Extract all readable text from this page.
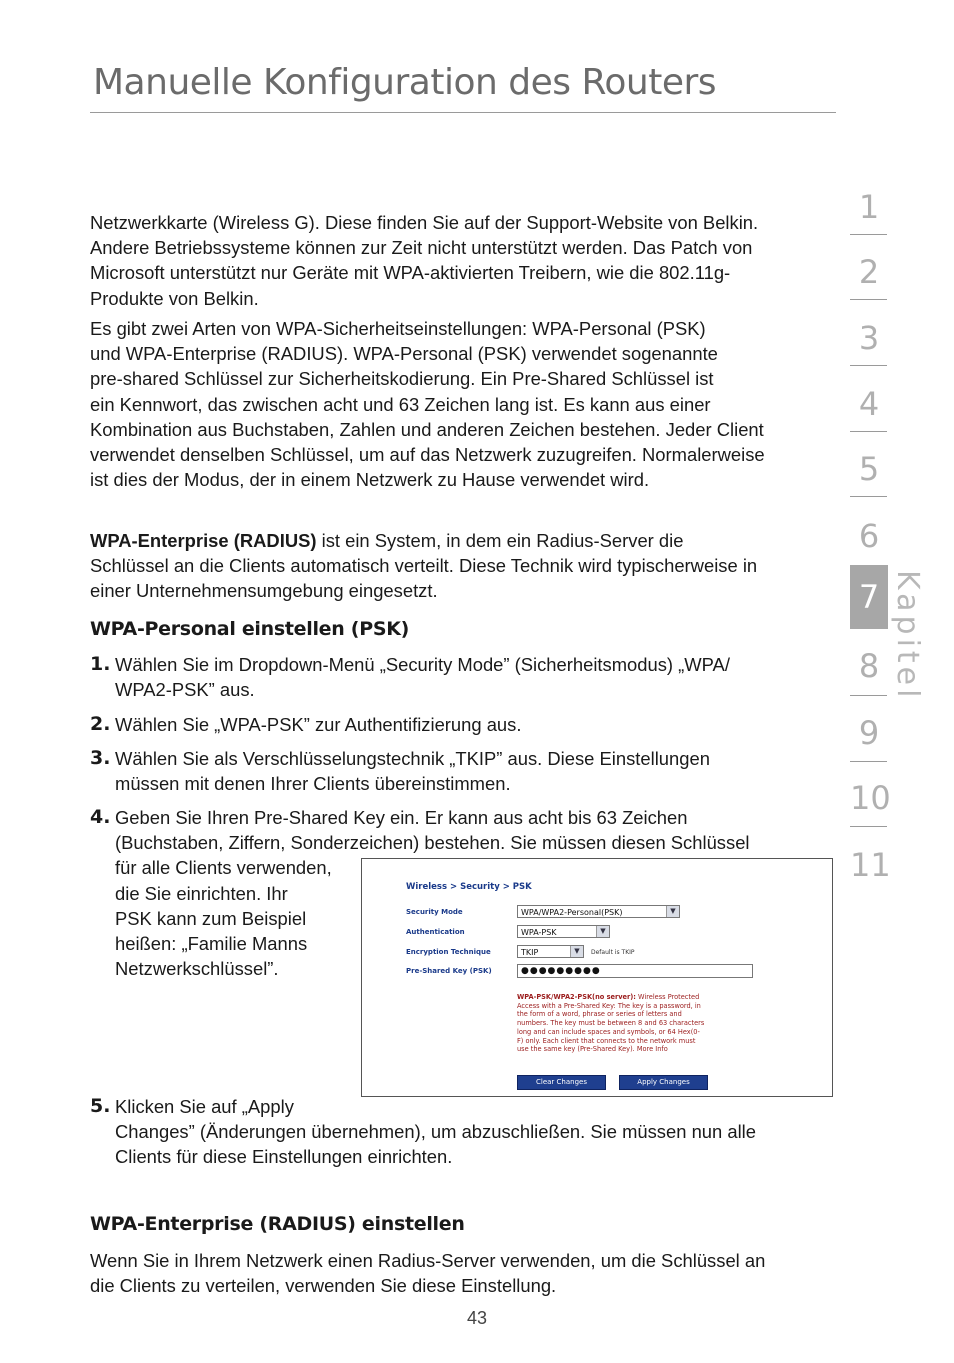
Manuelle Konfiguration des Routers
Netzwerkkarte (Wireless G). Diese finden Sie auf der Support-Website von Belkin.
Andere Betriebssysteme können zur Zeit nicht unterstützt werden. Das Patch von
Microsoft unterstützt nur Geräte mit WPA-aktivierten Treibern, wie die 802.11g-
Produkte von Belkin.
Es gibt zwei Arten von WPA-Sicherheitseinstellungen: WPA-Personal (PSK)
und WPA-Enterprise (RADIUS). WPA-Personal (PSK) verwendet sogenannte
pre-shared Schlüssel zur Sicherheitskodierung. Ein Pre-Shared Schlüssel ist
ein Kennwort, das zwischen acht und 63 Zeichen lang ist. Es kann aus einer
Kombination aus Buchstaben, Zahlen und anderen Zeichen bestehen. Jeder Client
verwendet denselben Schlüssel, um auf das Netzwerk zuzugreifen. Normalerweise
ist dies der Modus, der in einem Netzwerk zu Hause verwendet wird.
WPA-Enterprise (RADIUS) ist ein System, in dem ein Radius-Server die
Schlüssel an die Clients automatisch verteilt. Diese Technik wird typischerweise in
einer Unternehmensumgebung eingesetzt.
WPA-Personal einstellen (PSK)
1. Wählen Sie im Dropdown-Menü „Security Mode” (Sicherheitsmodus) „WPA/
WPA2-PSK” aus.
2. Wählen Sie „WPA-PSK” zur Authentifizierung aus.
3. Wählen Sie als Verschlüsselungstechnik „TKIP” aus. Diese Einstellungen
müssen mit denen Ihrer Clients übereinstimmen.
4. Geben Sie Ihren Pre-Shared Key ein. Er kann aus acht bis 63 Zeichen
(Buchstaben, Ziffern, Sonderzeichen) bestehen. Sie müssen diesen Schlüssel
für alle Clients verwenden,
die Sie einrichten. Ihr
PSK kann zum Beispiel
heißen: „Familie Manns
Netzwerkschlüssel”.
Wireless > Security > PSK
Security Mode	WPA/WPA2-Personal(PSK)	▼
Authentication	WPA-PSK	▼
Encryption Technique	TKIP	▼	Default is TKIP
Pre-Shared Key (PSK)	●●●●●●●●●
WPA-PSK/WPA2-PSK(no server): Wireless Protected
Access with a Pre-Shared Key: The key is a password, in
the form of a word, phrase or series of letters and
numbers. The key must be between 8 and 63 characters
long and can include spaces and symbols, or 64 Hex(0-
F) only. Each client that connects to the network must
use the same key (Pre-Shared Key). More Info
Clear Changes	Apply Changes
5. Klicken Sie auf „Apply
Changes” (Änderungen übernehmen), um abzuschließen. Sie müssen nun alle
Clients für diese Einstellungen einrichten.
WPA-Enterprise (RADIUS) einstellen
Wenn Sie in Ihrem Netzwerk einen Radius-Server verwenden, um die Schlüssel an
die Clients zu verteilen, verwenden Sie diese Einstellung.
1
2
3
4
5
6
7
8
9
10
11
Kapitel
43
